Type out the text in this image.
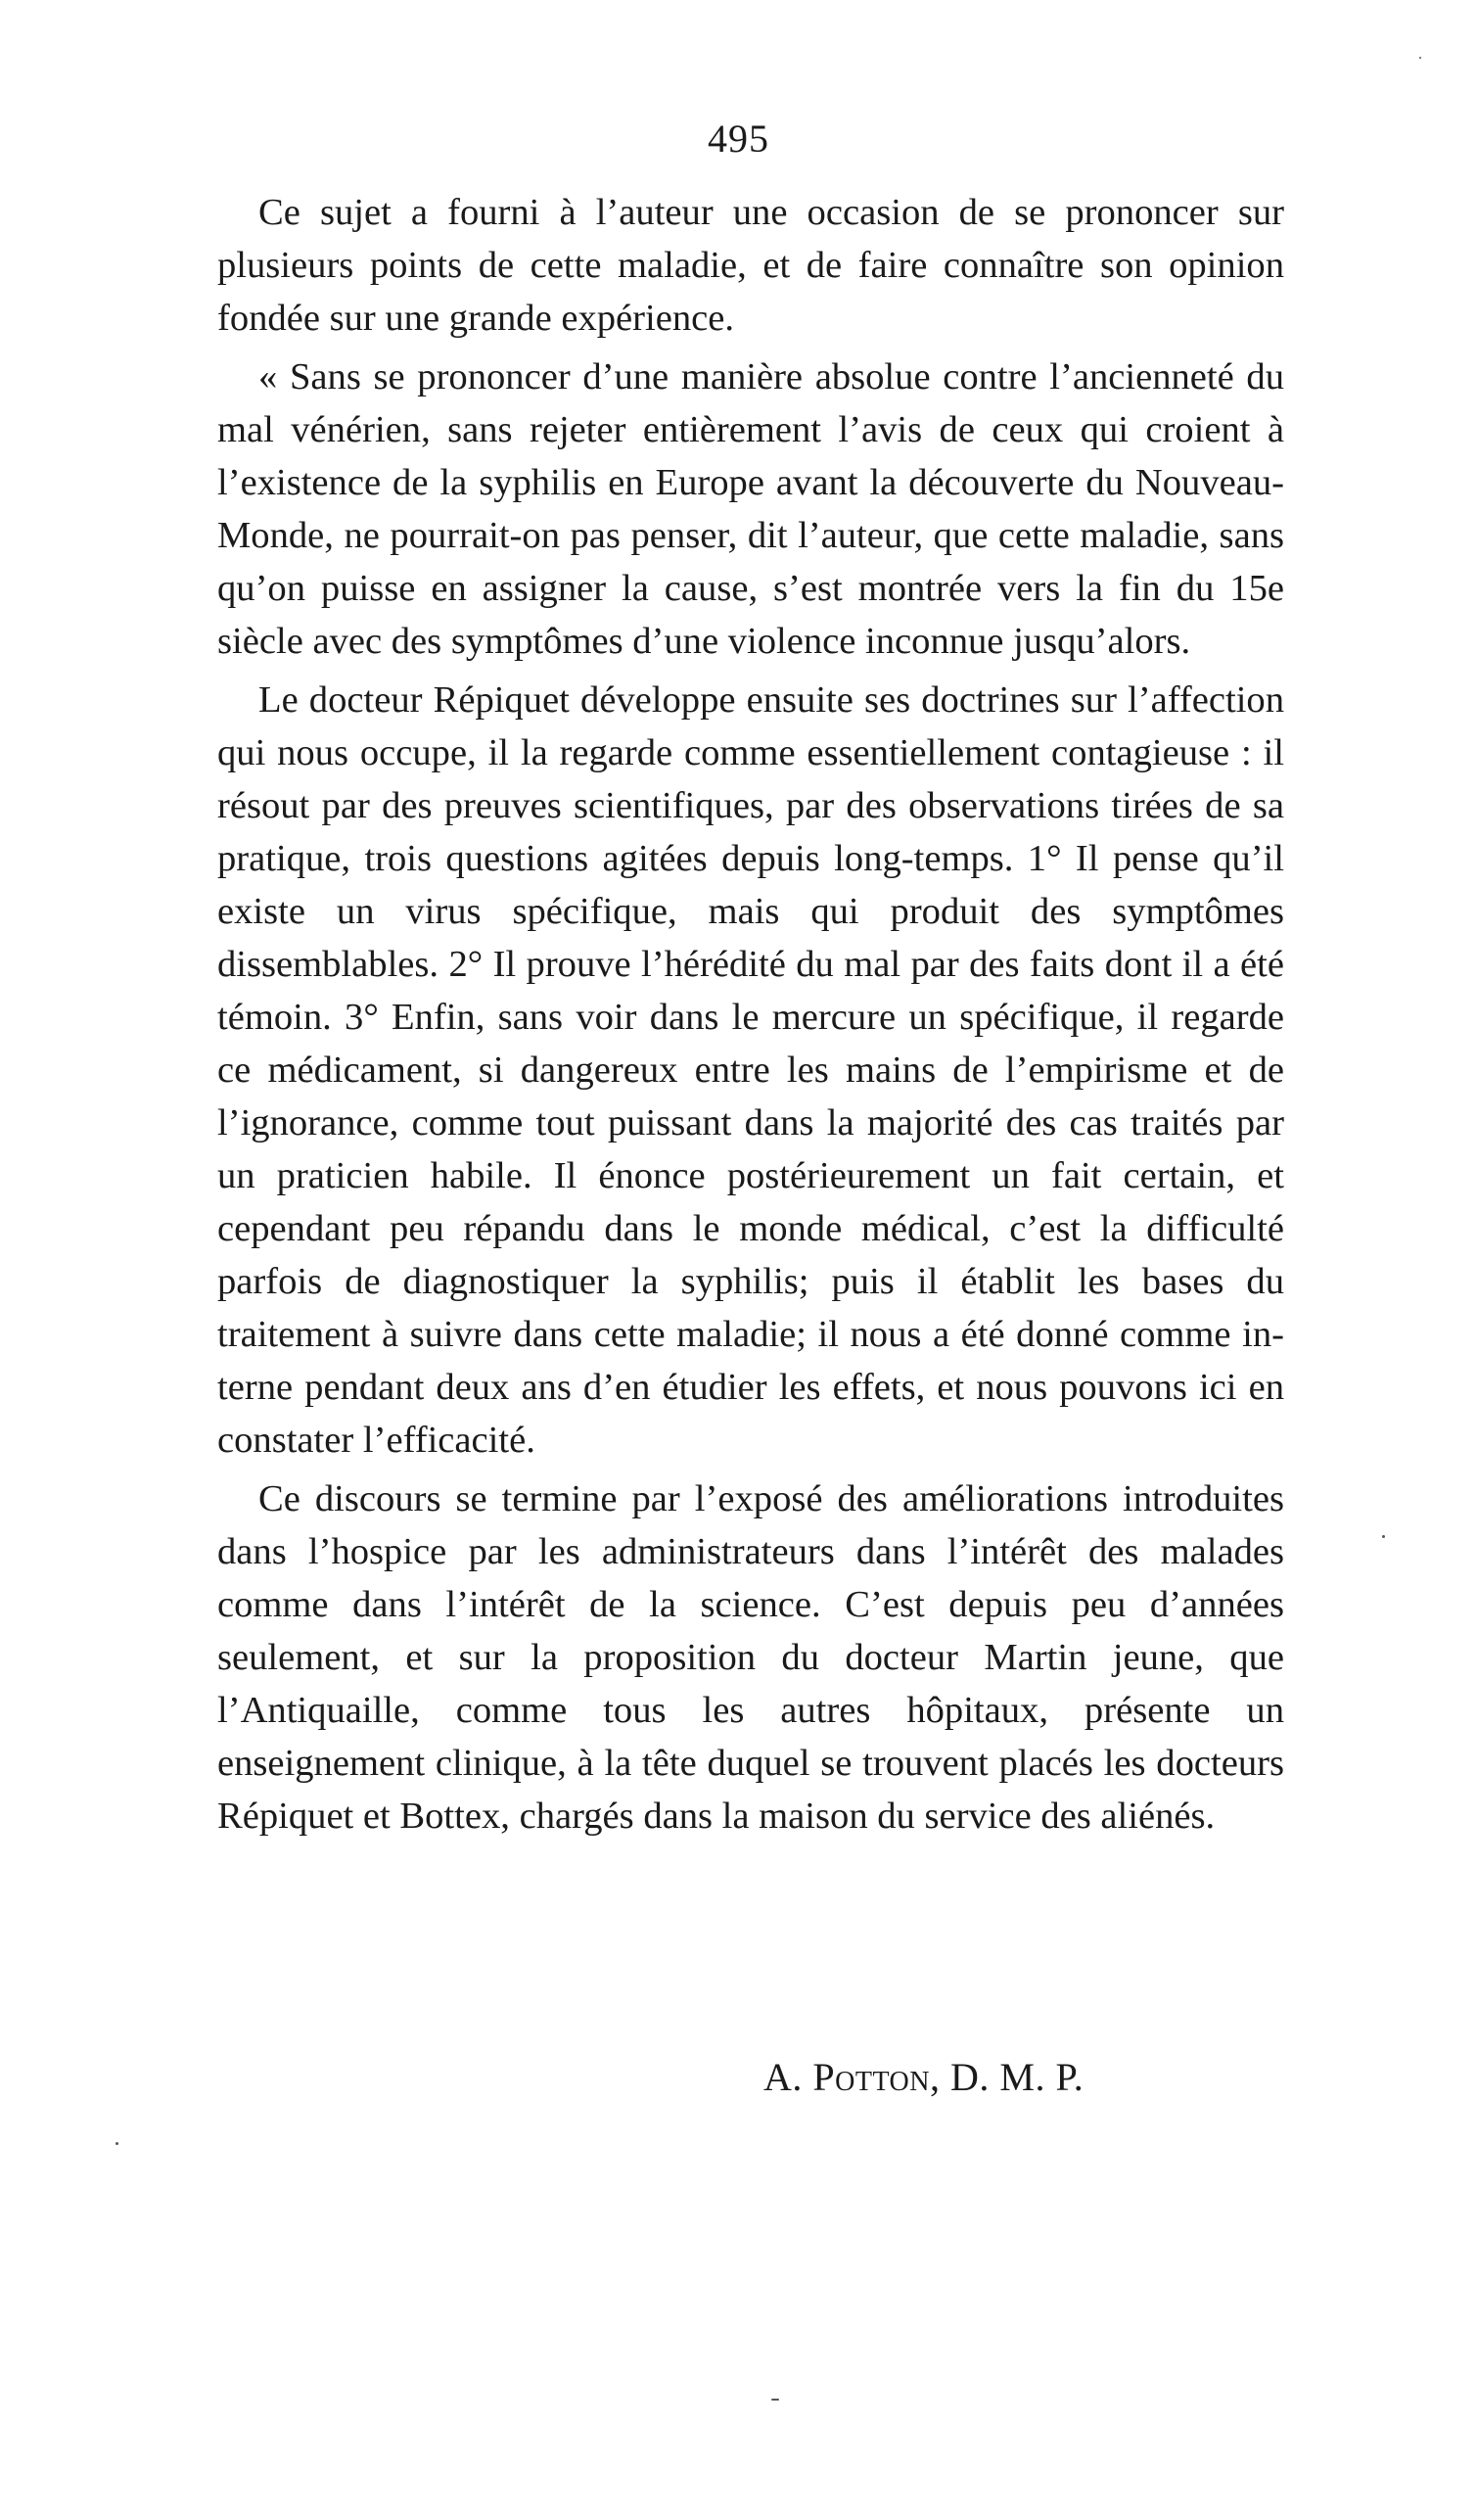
495

Ce sujet a fourni à l’auteur une occasion de se prononcer sur plusieurs points de cette maladie, et de faire connaître son opinion fondée sur une grande expérience.

« Sans se prononcer d’une manière absolue contre l’ancienneté du mal vénérien, sans rejeter entièrement l’avis de ceux qui croient à l’existence de la syphilis en Europe avant la découverte du Nouveau-Monde, ne pourrait-on pas penser, dit l’auteur, que cette maladie, sans qu’on puisse en assigner la cause, s’est montrée vers la fin du 15e siècle avec des symptômes d’une violence inconnue jusqu’alors.

Le docteur Répiquet développe ensuite ses doctrines sur l’affection qui nous occupe, il la regarde comme essentiellement contagieuse : il résout par des preuves scientifiques, par des observations tirées de sa pratique, trois questions agitées depuis long-temps. 1° Il pense qu’il existe un virus spécifique, mais qui produit des symptômes dissemblables. 2° Il prouve l’hérédité du mal par des faits dont il a été témoin. 3° Enfin, sans voir dans le mercure un spécifique, il regarde ce médicament, si dangereux entre les mains de l’empirisme et de l’ignorance, comme tout puissant dans la majorité des cas traités par un praticien habile. Il énonce postérieurement un fait certain, et cependant peu répandu dans le monde médical, c’est la difficulté parfois de diagnostiquer la syphilis; puis il établit les bases du traitement à suivre dans cette maladie; il nous a été donné comme interne pendant deux ans d’en étudier les effets, et nous pouvons ici en constater l’efficacité.

Ce discours se termine par l’exposé des améliorations introduites dans l’hospice par les administrateurs dans l’intérêt des malades comme dans l’intérêt de la science. C’est depuis peu d’années seulement, et sur la proposition du docteur Martin jeune, que l’Antiquaille, comme tous les autres hôpitaux, présente un enseignement clinique, à la tête duquel se trouvent placés les docteurs Répiquet et Bottex, chargés dans la maison du service des aliénés.

A. Potton, D. M. P.
